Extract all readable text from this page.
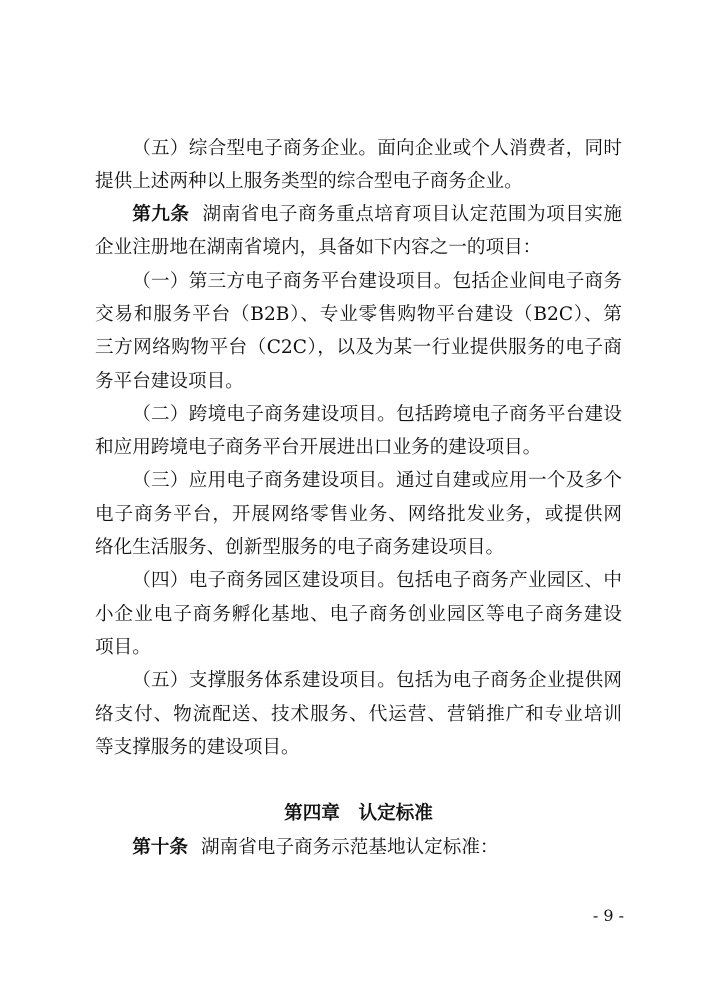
（五）综合型电子商务企业。面向企业或个人消费者，同时
提供上述两种以上服务类型的综合型电子商务企业。
第九条 湖南省电子商务重点培育项目认定范围为项目实施
企业注册地在湖南省境内，具备如下内容之一的项目：
（一）第三方电子商务平台建设项目。包括企业间电子商务
交易和服务平台（B2B）、专业零售购物平台建设（B2C）、第
三方网络购物平台（C2C），以及为某一行业提供服务的电子商
务平台建设项目。
（二）跨境电子商务建设项目。包括跨境电子商务平台建设
和应用跨境电子商务平台开展进出口业务的建设项目。
（三）应用电子商务建设项目。通过自建或应用一个及多个
电子商务平台，开展网络零售业务、网络批发业务，或提供网
络化生活服务、创新型服务的电子商务建设项目。
（四）电子商务园区建设项目。包括电子商务产业园区、中
小企业电子商务孵化基地、电子商务创业园区等电子商务建设
项目。
（五）支撑服务体系建设项目。包括为电子商务企业提供网
络支付、物流配送、技术服务、代运营、营销推广和专业培训
等支撑服务的建设项目。
第四章　认定标准
第十条 湖南省电子商务示范基地认定标准：
- 9 -
